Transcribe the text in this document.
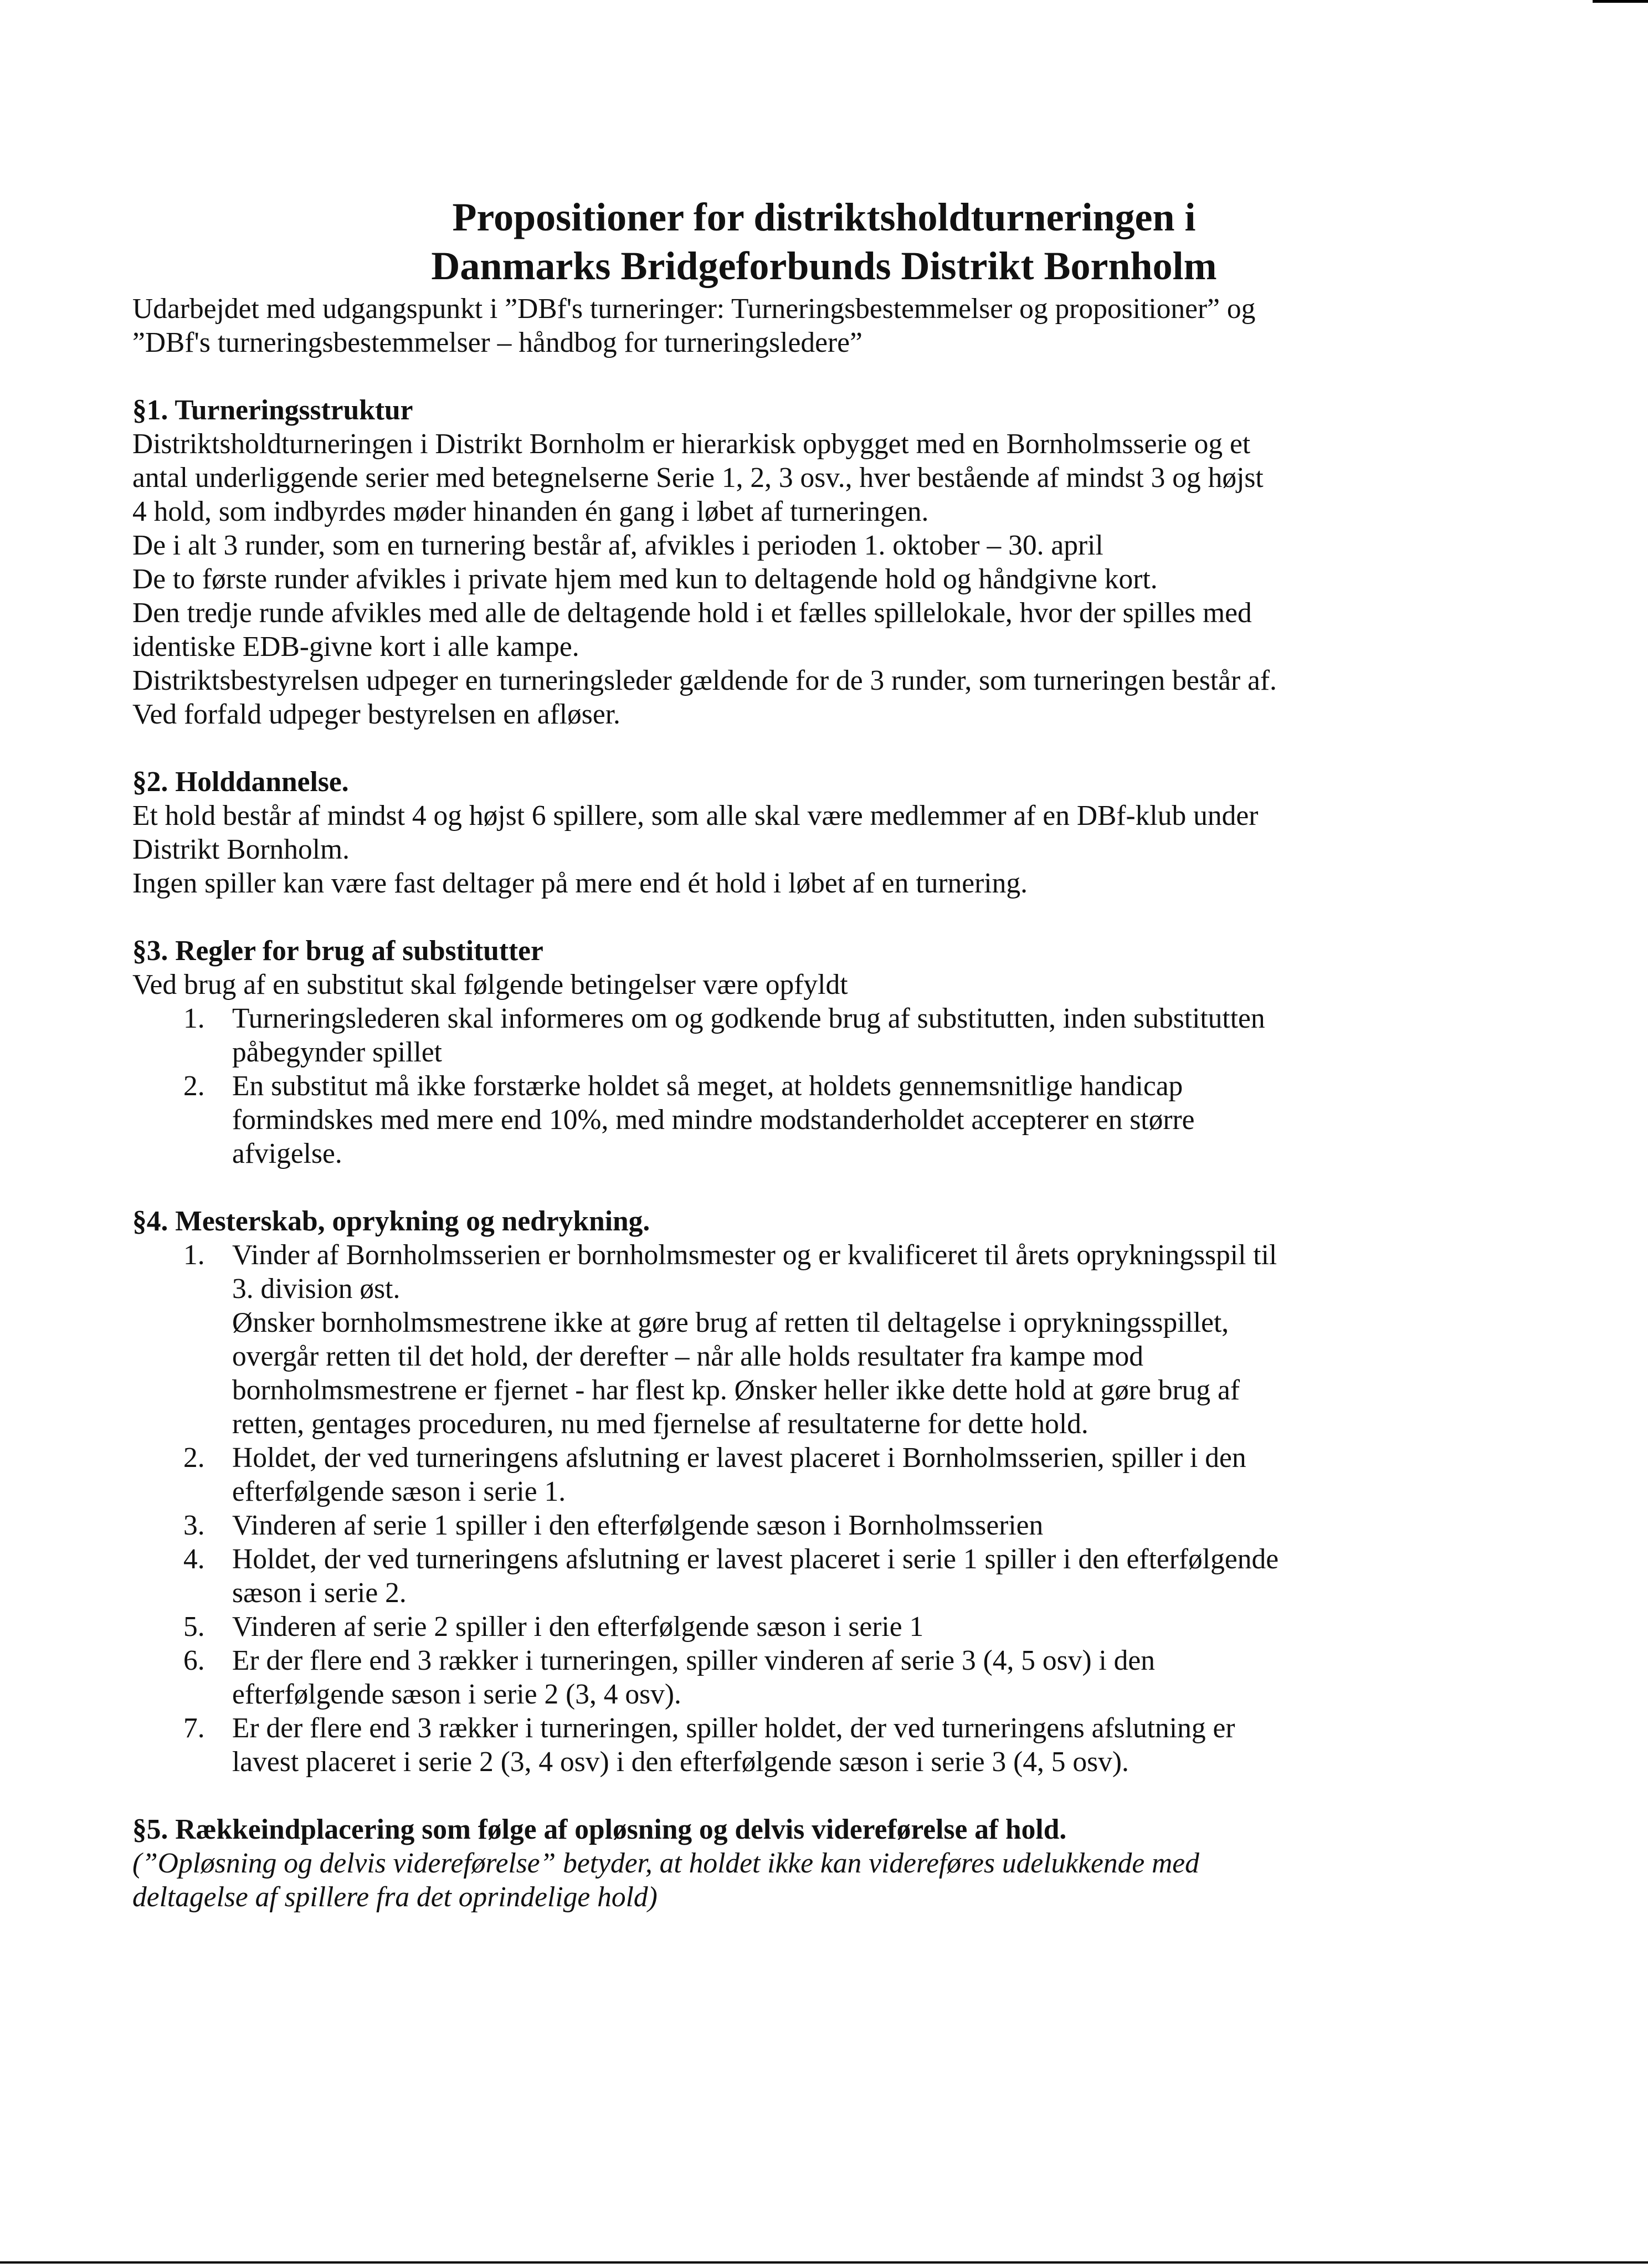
Propositioner for distriktsholdturneringen i
Danmarks Bridgeforbunds Distrikt Bornholm

Udarbejdet med udgangspunkt i ”DBf's turneringer: Turneringsbestemmelser og propositioner” og

”DBf's turneringsbestemmelser – håndbog for turneringsledere”

§1. Turneringsstruktur

Distriktsholdturneringen i Distrikt Bornholm er hierarkisk opbygget med en Bornholmsserie og et

antal underliggende serier med betegnelserne Serie 1, 2, 3 osv., hver bestående af mindst 3 og højst

4 hold, som indbyrdes møder hinanden én gang i løbet af turneringen.

De i alt 3 runder, som en turnering består af, afvikles i perioden 1. oktober – 30. april

De to første runder afvikles i private hjem med kun to deltagende hold og håndgivne kort.

Den tredje runde afvikles med alle de deltagende hold i et fælles spillelokale, hvor der spilles med

identiske EDB-givne kort i alle kampe.

Distriktsbestyrelsen udpeger en turneringsleder gældende for de 3 runder, som turneringen består af.

Ved forfald udpeger bestyrelsen en afløser.

§2. Holddannelse.

Et hold består af mindst 4 og højst 6 spillere, som alle skal være medlemmer af en DBf-klub under

Distrikt Bornholm.

Ingen spiller kan være fast deltager på mere end ét hold i løbet af en turnering.

§3. Regler for brug af substitutter

Ved brug af en substitut skal følgende betingelser være opfyldt

1. Turneringslederen skal informeres om og godkende brug af substitutten, inden substitutten
påbegynder spillet
2. En substitut må ikke forstærke holdet så meget, at holdets gennemsnitlige handicap
formindskes med mere end 10%, med mindre modstanderholdet accepterer en større
afvigelse.

§4. Mesterskab, oprykning og nedrykning.

1. Vinder af Bornholmsserien er bornholmsmester og er kvalificeret til årets oprykningsspil til
3. division øst.
Ønsker bornholmsmestrene ikke at gøre brug af retten til deltagelse i oprykningsspillet,
overgår retten til det hold, der derefter – når alle holds resultater fra kampe mod
bornholmsmestrene er fjernet - har flest kp. Ønsker heller ikke dette hold at gøre brug af
retten, gentages proceduren, nu med fjernelse af resultaterne for dette hold.
2. Holdet, der ved turneringens afslutning er lavest placeret i Bornholmsserien, spiller i den
efterfølgende sæson i serie 1.
3. Vinderen af serie 1 spiller i den efterfølgende sæson i Bornholmsserien
4. Holdet, der ved turneringens afslutning er lavest placeret i serie 1 spiller i den efterfølgende
sæson i serie 2.
5. Vinderen af serie 2 spiller i den efterfølgende sæson i serie 1
6. Er der flere end 3 rækker i turneringen, spiller vinderen af serie 3 (4, 5 osv) i den
efterfølgende sæson i serie 2 (3, 4 osv).
7. Er der flere end 3 rækker i turneringen, spiller holdet, der ved turneringens afslutning er
lavest placeret i serie 2 (3, 4 osv) i den efterfølgende sæson i serie 3 (4, 5 osv).

§5. Rækkeindplacering som følge af opløsning og delvis videreførelse af hold.

(”Opløsning og delvis videreførelse” betyder, at holdet ikke kan videreføres udelukkende med

deltagelse af spillere fra det oprindelige hold)
